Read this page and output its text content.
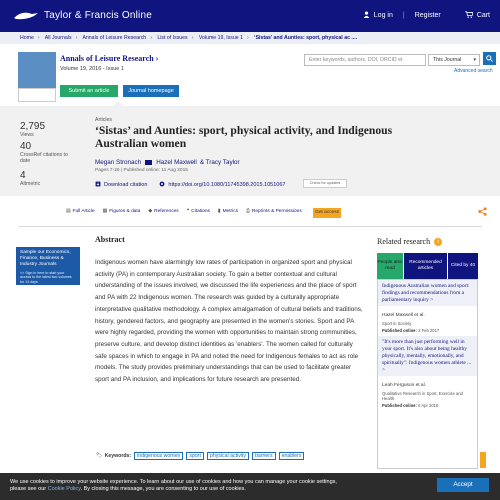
Taylor & Francis Online	Log in | Register	Cart
Home › All Journals › Annals of Leisure Research › List of Issues › Volume 19, Issue 1 › ‘Sistas’ and Aunties: sport, physical ac ....
Annals of Leisure Research ›
Volume 19, 2016 - Issue 1
Submit an article	Journal homepage
Enter keywords, authors, DOI, ORCID et	This Journal ▾
Advanced search
2,795
Views
40
CrossRef citations to date
4
Altmetric
Articles
‘Sistas’ and Aunties: sport, physical activity, and Indigenous Australian women
Megan Stronach Hazel Maxwell & Tracy Taylor
Pages 7-26 | Published online: 11 Aug 2015
Download citation	https://doi.org/10.1080/11745398.2015.1051067	Check for updates
▤ Full Article ▦ Figures & data ◆ References ❝ Citations ▮ Metrics ⎙ Reprints & Permissions	Get access
Sample our Economics, Finance, Business & Industry Journals
>> Sign in here to start your access to the latest two volumes for 14 days
Abstract
Indigenous women have alarmingly low rates of participation in organized sport and physical activity (PA) in contemporary Australian society. To gain a better contextual and cultural understanding of the issues involved, we discussed the life experiences and the place of sport and PA with 22 Indigenous women. The research was guided by a culturally appropriate interpretative qualitative methodology. A complex amalgamation of cultural beliefs and traditions, history, gendered factors, and geography are presented in the women's stories. Sport and PA were highly regarded, providing the women with opportunities to maintain strong communities, preserve culture, and develop distinct identities as 'enablers'. The women called for culturally safe spaces in which to engage in PA and noted the need for Indigenous females to act as role models. The study provides preliminary understandings that can be used to facilitate greater sport and PA inclusion, and implications for future research are presented.
🏷 Keywords:	indigenous women	sport	physical activity	barriers	enablers
Related research	i
People also read
Recommended articles
Cited by 40
Indigenous Australian women and sport: findings and recommendations from a parliamentary inquiry >
Hazel Maxwell et al.
Sport in Society
Published online: 2 Feb 2017
"It's more than just performing well in your sport. It's also about being healthy physically, mentally, emotionally, and spiritually": Indigenous women athlete ... >
Leah Ferguson et al.
Qualitative Research in Sport, Exercise and Health
Published online: 6 Apr 2018
We use cookies to improve your website experience. To learn about our use of cookies and how you can manage your cookie settings,
please see our Cookie Policy. By closing this message, you are consenting to our use of cookies.
Accept
